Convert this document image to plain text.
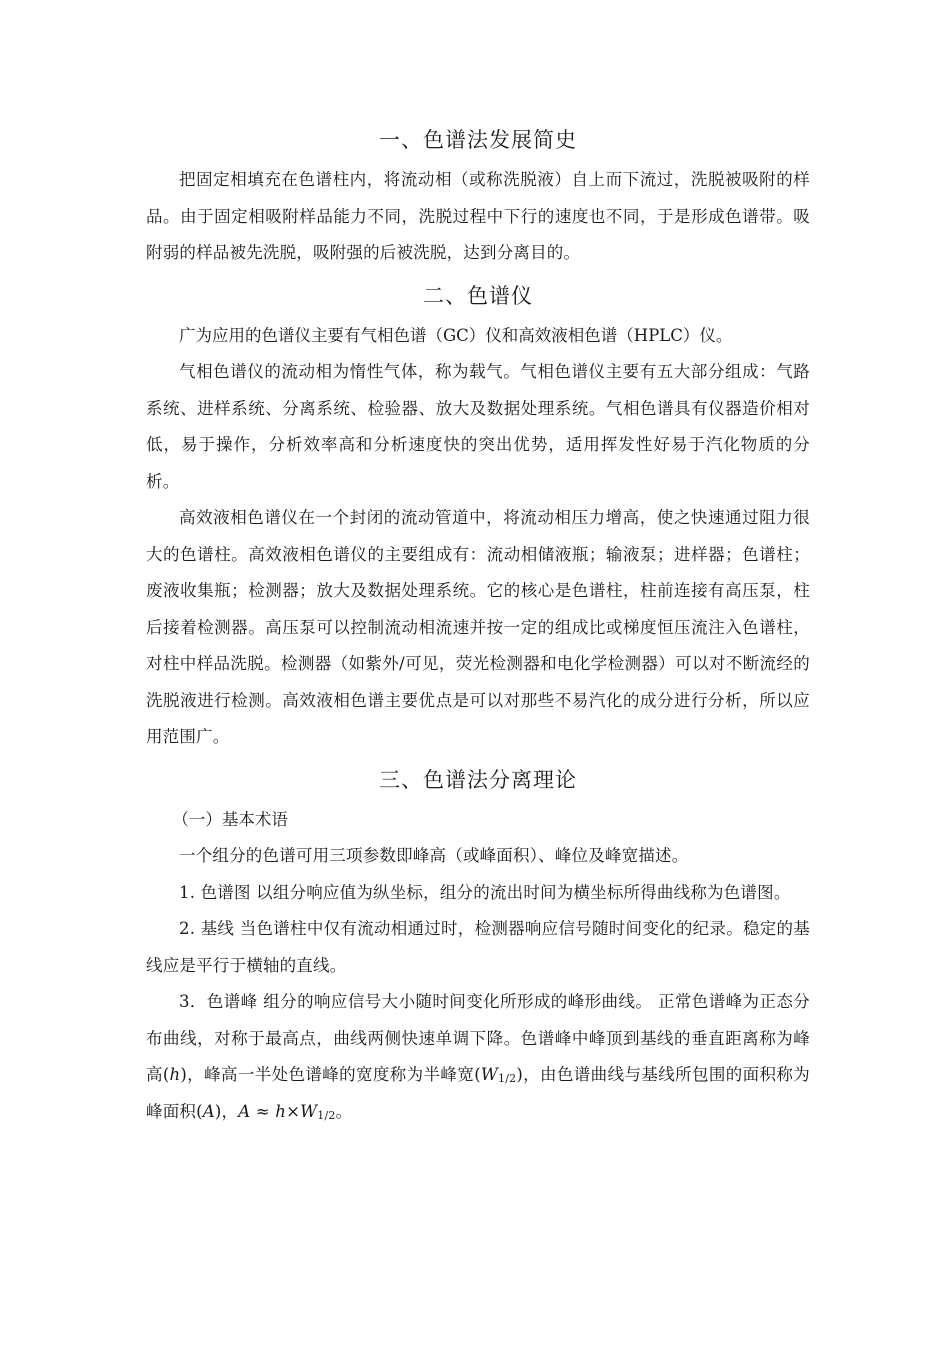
一、色谱法发展简史

把固定相填充在色谱柱内，将流动相（或称洗脱液）自上而下流过，洗脱被吸附的样品。由于固定相吸附样品能力不同，洗脱过程中下行的速度也不同，于是形成色谱带。吸附弱的样品被先洗脱，吸附强的后被洗脱，达到分离目的。

二、色谱仪

广为应用的色谱仪主要有气相色谱（GC）仪和高效液相色谱（HPLC）仪。

气相色谱仪的流动相为惰性气体，称为载气。气相色谱仪主要有五大部分组成：气路系统、进样系统、分离系统、检验器、放大及数据处理系统。气相色谱具有仪器造价相对低，易于操作，分析效率高和分析速度快的突出优势，适用挥发性好易于汽化物质的分析。

高效液相色谱仪在一个封闭的流动管道中，将流动相压力增高，使之快速通过阻力很大的色谱柱。高效液相色谱仪的主要组成有：流动相储液瓶；输液泵；进样器；色谱柱；废液收集瓶；检测器；放大及数据处理系统。它的核心是色谱柱，柱前连接有高压泵，柱后接着检测器。高压泵可以控制流动相流速并按一定的组成比或梯度恒压流注入色谱柱，对柱中样品洗脱。检测器（如紫外/可见，荧光检测器和电化学检测器）可以对不断流经的洗脱液进行检测。高效液相色谱主要优点是可以对那些不易汽化的成分进行分析，所以应用范围广。

三、色谱法分离理论

（一）基本术语

一个组分的色谱可用三项参数即峰高（或峰面积）、峰位及峰宽描述。

1. 色谱图 以组分响应值为纵坐标，组分的流出时间为横坐标所得曲线称为色谱图。

2. 基线 当色谱柱中仅有流动相通过时，检测器响应信号随时间变化的纪录。稳定的基线应是平行于横轴的直线。

3．色谱峰 组分的响应信号大小随时间变化所形成的峰形曲线。 正常色谱峰为正态分布曲线，对称于最高点，曲线两侧快速单调下降。色谱峰中峰顶到基线的垂直距离称为峰高(h)，峰高一半处色谱峰的宽度称为半峰宽$(W_{1/2})$，由色谱曲线与基线所包围的面积称为峰面积(A)，$A \approx h\times W_{1/2}$。
